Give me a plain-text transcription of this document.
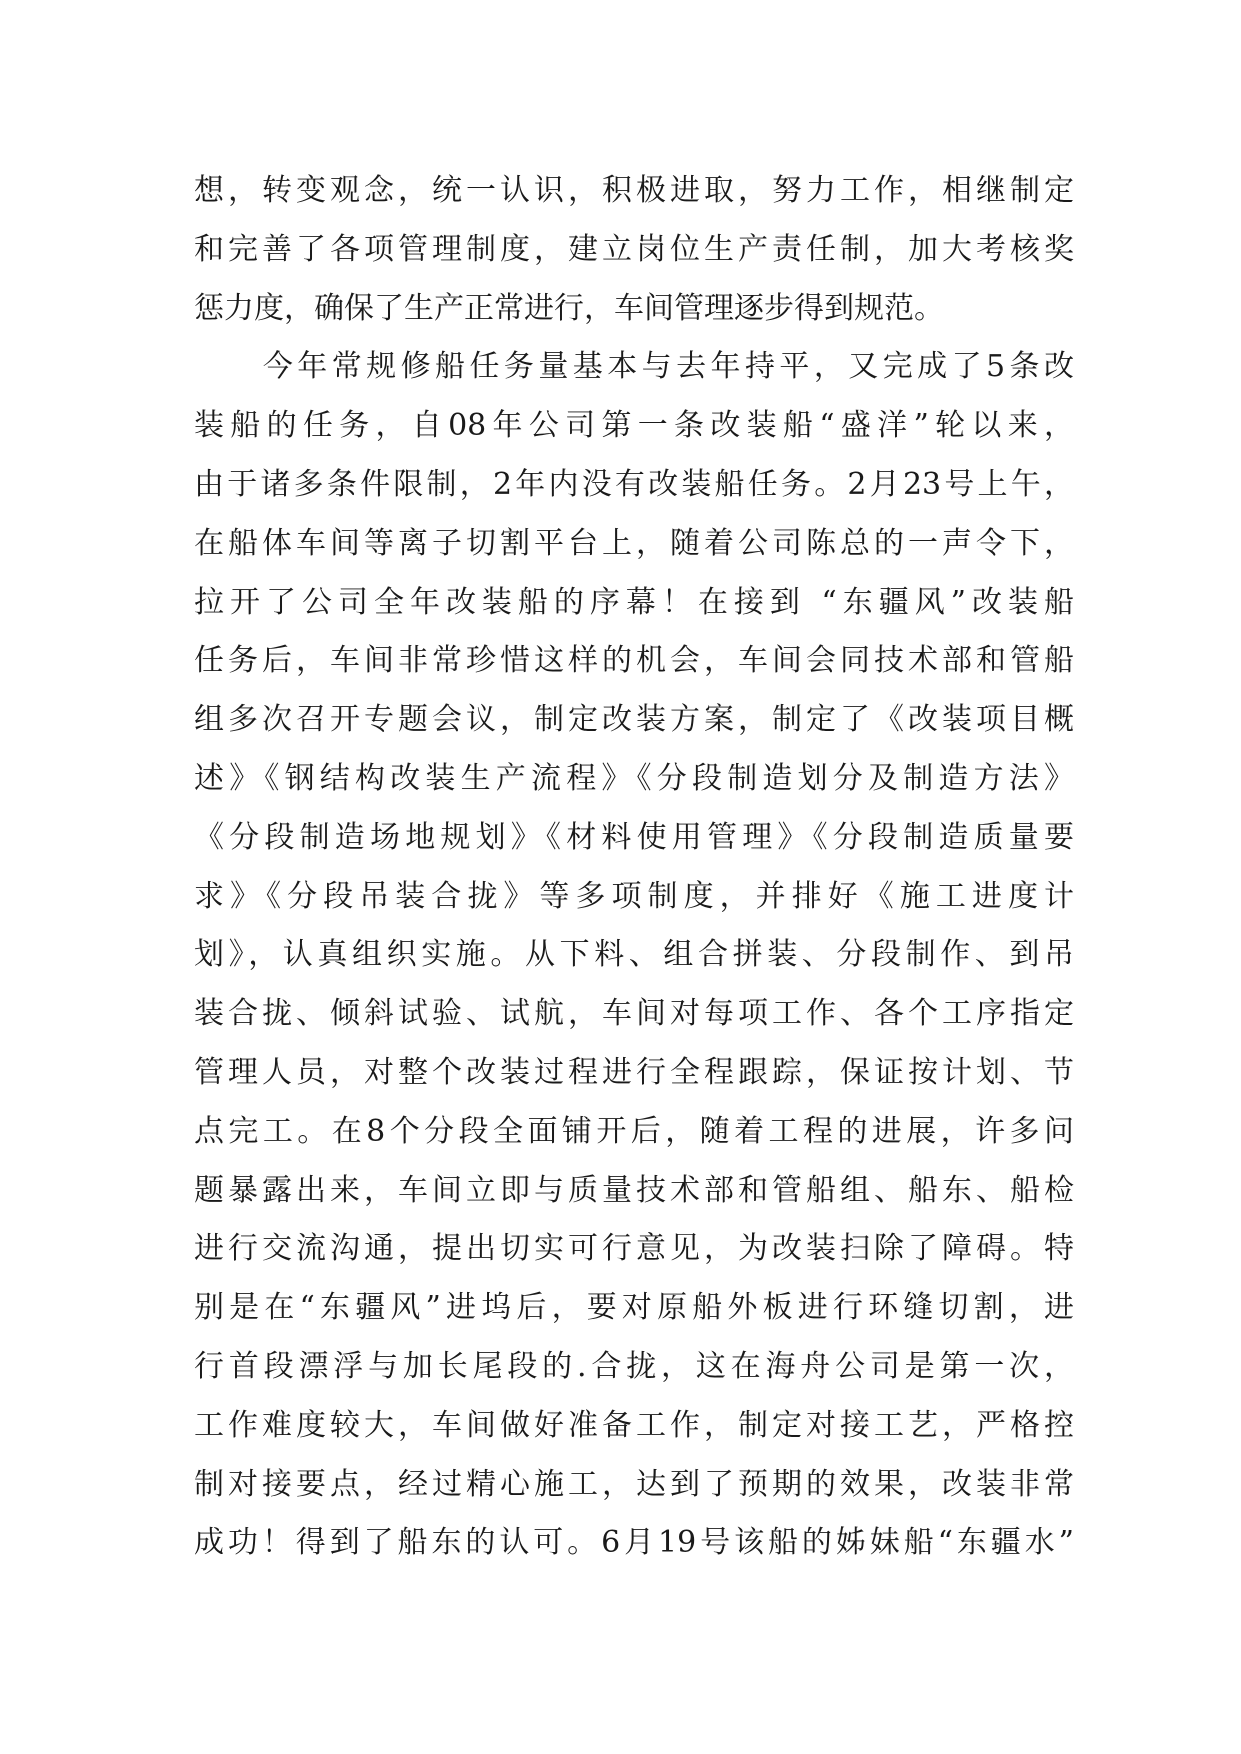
想，转变观念，统一认识，积极进取，努力工作，相继制定
和完善了各项管理制度，建立岗位生产责任制，加大考核奖
惩力度，确保了生产正常进行，车间管理逐步得到规范。
　　今年常规修船任务量基本与去年持平，又完成了5条改
装船的任务，自08年公司第一条改装船“盛洋”轮以来，
由于诸多条件限制，2年内没有改装船任务。2月23号上午，
在船体车间等离子切割平台上，随着公司陈总的一声令下，
拉开了公司全年改装船的序幕！在接到 “东疆风”改装船
任务后，车间非常珍惜这样的机会，车间会同技术部和管船
组多次召开专题会议，制定改装方案，制定了《改装项目概
述》《钢结构改装生产流程》《分段制造划分及制造方法》
《分段制造场地规划》《材料使用管理》《分段制造质量要
求》《分段吊装合拢》等多项制度，并排好《施工进度计
划》，认真组织实施。从下料、组合拼装、分段制作、到吊
装合拢、倾斜试验、试航，车间对每项工作、各个工序指定
管理人员，对整个改装过程进行全程跟踪，保证按计划、节
点完工。在8个分段全面铺开后，随着工程的进展，许多问
题暴露出来，车间立即与质量技术部和管船组、船东、船检
进行交流沟通，提出切实可行意见，为改装扫除了障碍。特
别是在“东疆风”进坞后，要对原船外板进行环缝切割，进
行首段漂浮与加长尾段的.合拢，这在海舟公司是第一次，
工作难度较大，车间做好准备工作，制定对接工艺，严格控
制对接要点，经过精心施工，达到了预期的效果，改装非常
成功！得到了船东的认可。6月19号该船的姊妹船“东疆水”
